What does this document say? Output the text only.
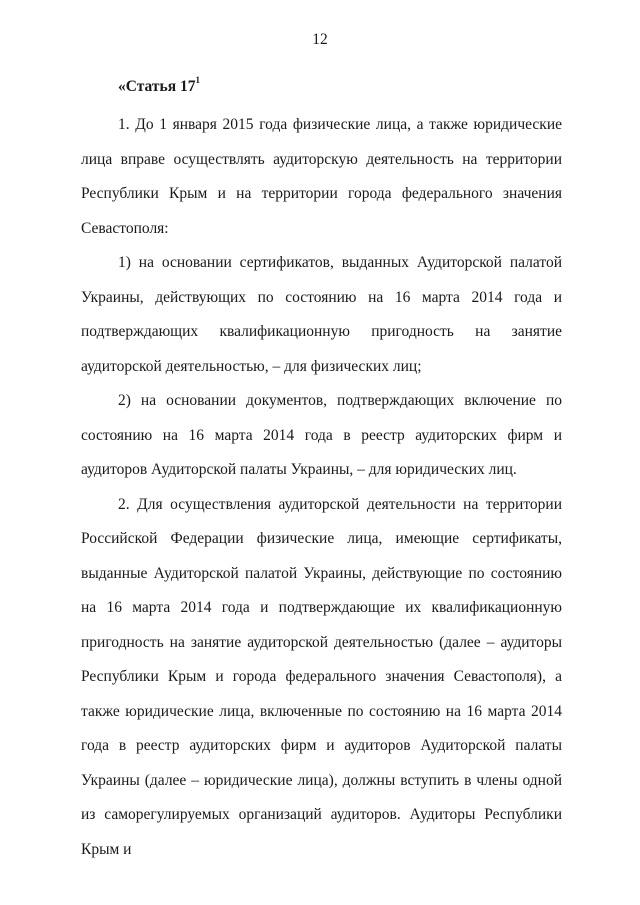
12
«Статья $17^1$

1. До 1 января 2015 года физические лица, а также юридические лица вправе осуществлять аудиторскую деятельность на территории Республики Крым и на территории города федерального значения Севастополя:

1) на основании сертификатов, выданных Аудиторской палатой Украины, действующих по состоянию на 16 марта 2014 года и подтверждающих квалификационную пригодность на занятие аудиторской деятельностью, – для физических лиц;

2) на основании документов, подтверждающих включение по состоянию на 16 марта 2014 года в реестр аудиторских фирм и аудиторов Аудиторской палаты Украины, – для юридических лиц.

2. Для осуществления аудиторской деятельности на территории Российской Федерации физические лица, имеющие сертификаты, выданные Аудиторской палатой Украины, действующие по состоянию на 16 марта 2014 года и подтверждающие их квалификационную пригодность на занятие аудиторской деятельностью (далее – аудиторы Республики Крым и города федерального значения Севастополя), а также юридические лица, включенные по состоянию на 16 марта 2014 года в реестр аудиторских фирм и аудиторов Аудиторской палаты Украины (далее – юридические лица), должны вступить в члены одной из саморегулируемых организаций аудиторов. Аудиторы Республики Крым и
